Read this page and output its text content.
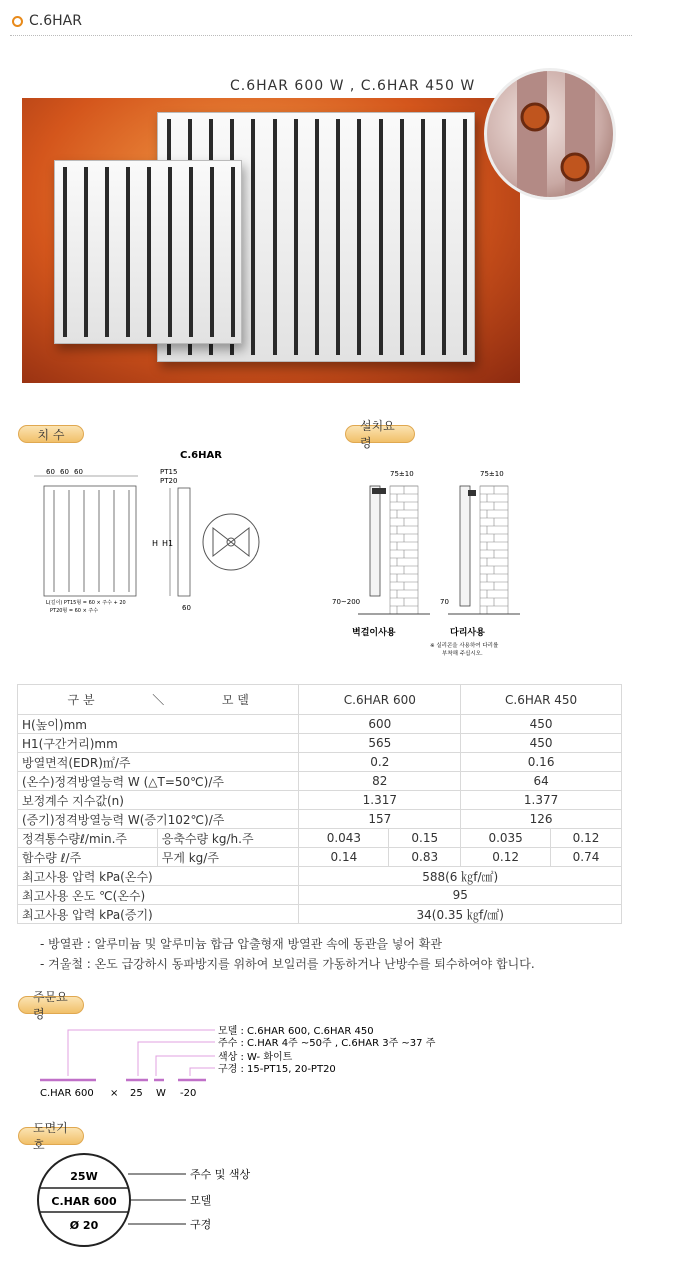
C.6HAR
C.6HAR 600 W , C.6HAR 450 W
치 수
설치요령
C.6HAR
60 60 60
L(길이) PT15형 = 60 × 주수 + 20
PT20형 = 60 × 주수
PT15
PT20
H H1
60
75±10	75±10
70~200	70
벽걸이사용	다리사용
※ 실리콘을 사용하여 다리를
부착해 주십시오.
구 분 ＼ 모 델		C.6HAR 600		C.6HAR 450	
H(높이)mm		600		450	
H1(구간거리)mm		565		450	
방열면적(EDR)㎡/주		0.2		0.16	
(온수)정격방열능력 W (△T=50℃)/주		82		64	
보정계수 지수값(n)		1.317		1.377	
(증기)정격방열능력 W(증기102℃)/주		157		126	
정격통수량ℓ/min.주	응축수량 kg/h.주	0.043	0.15	0.035	0.12
함수량 ℓ/주	무게 kg/주	0.14	0.83	0.12	0.74
최고사용 압력 kPa(온수)		588(6 ㎏f/㎠)			
최고사용 온도 ℃(온수)		95			
최고사용 압력 kPa(증기)		34(0.35 ㎏f/㎠)			
- 방열관 : 알루미늄 및 알루미늄 합금 압출형재 방열관 속에 동관을 넣어 확관
- 겨울철 : 온도 급강하시 동파방지를 위하여 보일러를 가동하거나 난방수를 퇴수하여야 합니다.
주문요령
모델 : C.6HAR 600, C.6HAR 450
주수 : C.HAR 4주 ~50주 , C.6HAR 3주 ~37 주
색상 : W- 화이트
구경 : 15-PT15, 20-PT20
C.HAR 600 × 25 W -20
도면기호
25W
C.HAR 600
Ø 20
주수 및 색상
모델
구경
